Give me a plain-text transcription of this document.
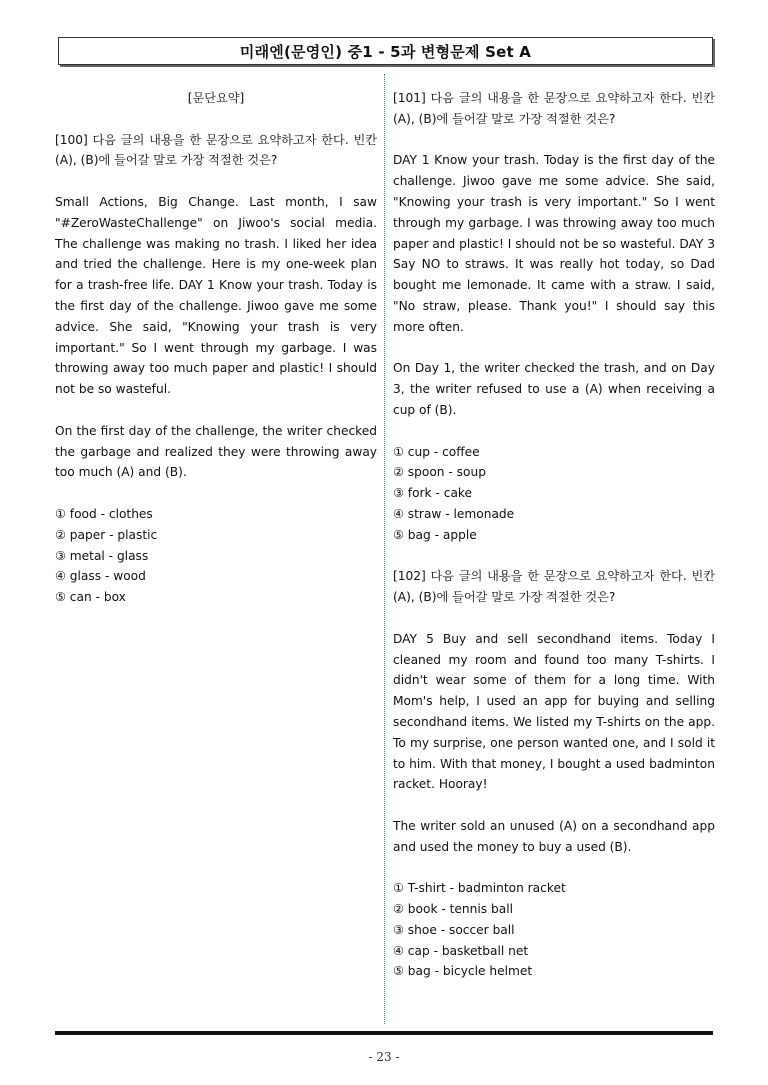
미래엔(문영인) 중1 - 5과 변형문제 Set A

[문단요약]

[100] 다음 글의 내용을 한 문장으로 요약하고자 한다. 빈칸 (A), (B)에 들어갈 말로 가장 적절한 것은?

Small Actions, Big Change. Last month, I saw "#ZeroWasteChallenge" on Jiwoo's social media. The challenge was making no trash. I liked her idea and tried the challenge. Here is my one-week plan for a trash-free life. DAY 1 Know your trash. Today is the first day of the challenge. Jiwoo gave me some advice. She said, "Knowing your trash is very important." So I went through my garbage. I was throwing away too much paper and plastic! I should not be so wasteful.

On the first day of the challenge, the writer checked the garbage and realized they were throwing away too much (A) and (B).

① food - clothes
② paper - plastic
③ metal - glass
④ glass - wood
⑤ can - box

[101] 다음 글의 내용을 한 문장으로 요약하고자 한다. 빈칸 (A), (B)에 들어갈 말로 가장 적절한 것은?

DAY 1 Know your trash. Today is the first day of the challenge. Jiwoo gave me some advice. She said, "Knowing your trash is very important." So I went through my garbage. I was throwing away too much paper and plastic! I should not be so wasteful. DAY 3 Say NO to straws. It was really hot today, so Dad bought me lemonade. It came with a straw. I said, "No straw, please. Thank you!" I should say this more often.

On Day 1, the writer checked the trash, and on Day 3, the writer refused to use a (A) when receiving a cup of (B).

① cup - coffee
② spoon - soup
③ fork - cake
④ straw - lemonade
⑤ bag - apple

[102] 다음 글의 내용을 한 문장으로 요약하고자 한다. 빈칸 (A), (B)에 들어갈 말로 가장 적절한 것은?

DAY 5 Buy and sell secondhand items. Today I cleaned my room and found too many T-shirts. I didn't wear some of them for a long time. With Mom's help, I used an app for buying and selling secondhand items. We listed my T-shirts on the app. To my surprise, one person wanted one, and I sold it to him. With that money, I bought a used badminton racket. Hooray!

The writer sold an unused (A) on a secondhand app and used the money to buy a used (B).

① T-shirt - badminton racket
② book - tennis ball
③ shoe - soccer ball
④ cap - basketball net
⑤ bag - bicycle helmet
- 23 -
